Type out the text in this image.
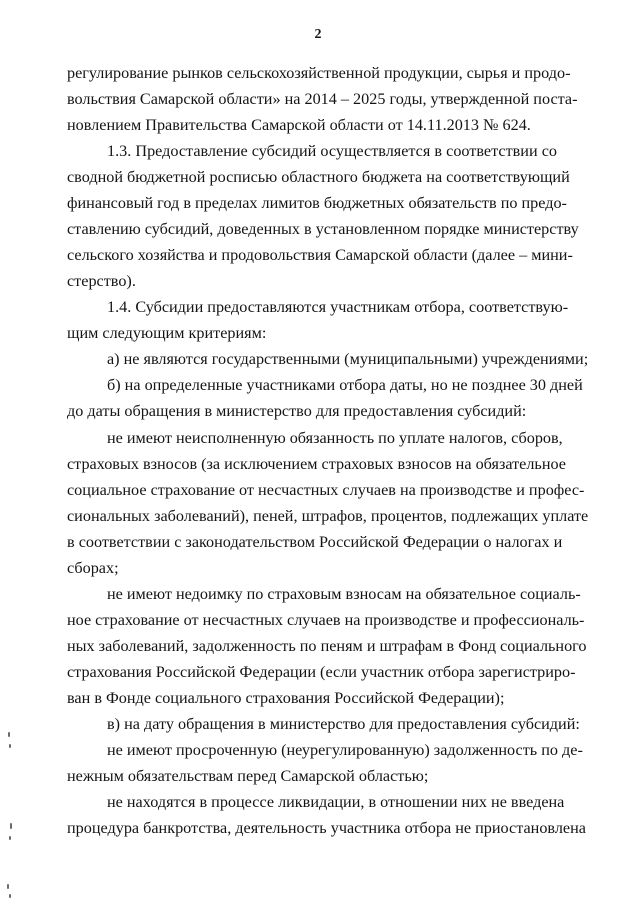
2
регулирование рынков сельскохозяйственной продукции, сырья и продо-
вольствия Самарской области» на 2014 – 2025 годы, утвержденной поста-
новлением Правительства Самарской области от 14.11.2013 № 624.
1.3. Предоставление субсидий осуществляется в соответствии со
сводной бюджетной росписью областного бюджета на соответствующий
финансовый год в пределах лимитов бюджетных обязательств по предо-
ставлению субсидий, доведенных в установленном порядке министерству
сельского хозяйства и продовольствия Самарской области (далее – мини-
стерство).
1.4. Субсидии предоставляются участникам отбора, соответствую-
щим следующим критериям:
а) не являются государственными (муниципальными) учреждениями;
б) на определенные участниками отбора даты, но не позднее 30 дней
до даты обращения в министерство для предоставления субсидий:
не имеют неисполненную обязанность по уплате налогов, сборов,
страховых взносов (за исключением страховых взносов на обязательное
социальное страхование от несчастных случаев на производстве и профес-
сиональных заболеваний), пеней, штрафов, процентов, подлежащих уплате
в соответствии с законодательством Российской Федерации о налогах и
сборах;
не имеют недоимку по страховым взносам на обязательное социаль-
ное страхование от несчастных случаев на производстве и профессиональ-
ных заболеваний, задолженность по пеням и штрафам в Фонд социального
страхования Российской Федерации (если участник отбора зарегистриро-
ван в Фонде социального страхования Российской Федерации);
в) на дату обращения в министерство для предоставления субсидий:
не имеют просроченную (неурегулированную) задолженность по де-
нежным обязательствам перед Самарской областью;
не находятся в процессе ликвидации, в отношении них не введена
процедура банкротства, деятельность участника отбора не приостановлена
